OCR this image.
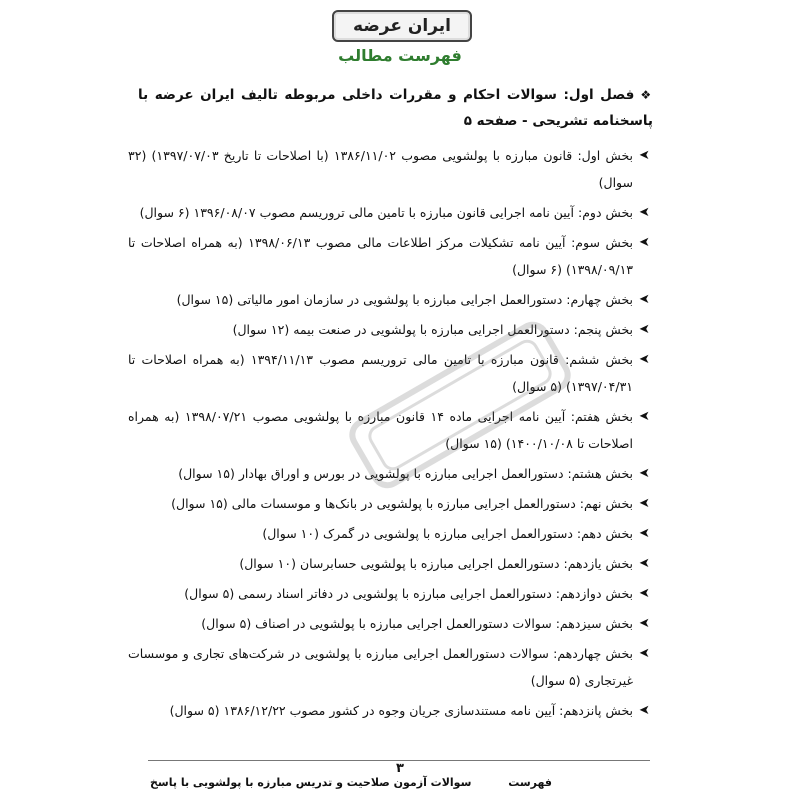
ایران عرضه
فهرست مطالب
❖فصل اول: سوالات احکام و مقررات داخلی مربوطه تالیف ایران عرضه با پاسخنامه تشریحی - صفحه ۵
➤
بخش اول: قانون مبارزه با پولشویی مصوب ۱۳۸۶/۱۱/۰۲ (با اصلاحات تا تاریخ ۱۳۹۷/۰۷/۰۳) (۳۲ سوال)
➤
بخش دوم: آیین نامه اجرایی قانون مبارزه با تامین مالی تروریسم مصوب ۱۳۹۶/۰۸/۰۷ (۶ سوال)
➤
بخش سوم: آیین نامه تشکیلات مرکز اطلاعات مالی مصوب ۱۳۹۸/۰۶/۱۳ (به همراه اصلاحات تا ۱۳۹۸/۰۹/۱۳) (۶ سوال)
➤
بخش چهارم: دستورالعمل اجرایی مبارزه با پولشویی در سازمان امور مالیاتی (۱۵ سوال)
➤
بخش پنجم: دستورالعمل اجرایی مبارزه با پولشویی در صنعت بیمه (۱۲ سوال)
➤
بخش ششم: قانون مبارزه با تامین مالی تروریسم مصوب ۱۳۹۴/۱۱/۱۳ (به همراه اصلاحات تا ۱۳۹۷/۰۴/۳۱) (۵ سوال)
➤
بخش هفتم: آیین نامه اجرایی ماده ۱۴ قانون مبارزه با پولشویی مصوب ۱۳۹۸/۰۷/۲۱ (به همراه اصلاحات تا ۱۴۰۰/۱۰/۰۸) (۱۵ سوال)
➤
بخش هشتم: دستورالعمل اجرایی مبارزه با پولشویی در بورس و اوراق بهادار (۱۵ سوال)
➤
بخش نهم: دستورالعمل اجرایی مبارزه با پولشویی در بانک‌ها و موسسات مالی (۱۵ سوال)
➤
بخش دهم: دستورالعمل اجرایی مبارزه با پولشویی در گمرک (۱۰ سوال)
➤
بخش یازدهم: دستورالعمل اجرایی مبارزه با پولشویی حسابرسان (۱۰ سوال)
➤
بخش دوازدهم: دستورالعمل اجرایی مبارزه با پولشویی در دفاتر اسناد رسمی (۵ سوال)
➤
بخش سیزدهم: سوالات دستورالعمل اجرایی مبارزه با پولشویی در اصناف (۵ سوال)
➤
بخش چهاردهم: سوالات دستورالعمل اجرایی مبارزه با پولشویی در شرکت‌های تجاری و موسسات غیرتجاری (۵ سوال)
➤
بخش پانزدهم: آیین نامه مستندسازی جریان وجوه در کشور مصوب ۱۳۸۶/۱۲/۲۲ (۵ سوال)
۳
فهرست
سوالات آزمون صلاحیت و تدریس مبارزه با پولشویی با پاسخ
